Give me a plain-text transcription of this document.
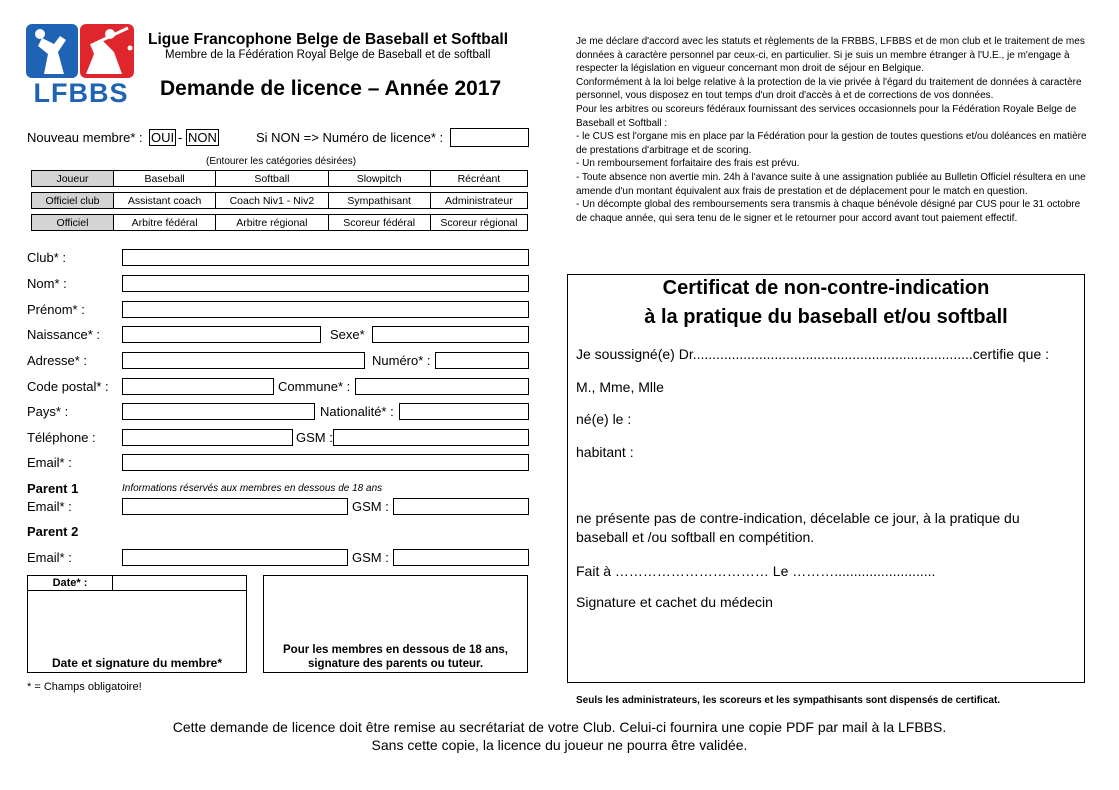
LFBBS
Ligue Francophone Belge de Baseball et Softball
Membre de la Fédération Royal Belge de Baseball et de softball
Demande de licence – Année 2017
Nouveau membre* : OUI - NON	Si NON => Numéro de licence* :
(Entourer les catégories désirées)
Joueur	Baseball	Softball	Slowpitch	Récréant
Officiel club	Assistant coach	Coach Niv1 - Niv2	Sympathisant	Administrateur
Officiel	Arbitre fédéral	Arbitre régional	Scoreur fédéral	Scoreur régional
Club* :
Nom* :
Prénom* :
Naissance* :	Sexe*
Adresse* :	Numéro* :
Code postal* :	Commune* :
Pays* :	Nationalité* :
Téléphone :	GSM :
Email* :
Parent 1	Informations réservés aux membres en dessous de 18 ans
Email* :	GSM :
Parent 2
Email* :	GSM :
Date* :
Date et signature du membre*
Pour les membres en dessous de 18 ans,
signature des parents ou tuteur.
* = Champs obligatoire!
Je me déclare d'accord avec les statuts et règlements de la FRBBS, LFBBS et de mon club et le traitement de mes données à caractère personnel par ceux-ci, en particulier. Si je suis un membre étranger à l'U.E., je m'engage à respecter la législation en vigueur concernant mon droit de séjour en Belgique.
Conformément à la loi belge relative à la protection de la vie privée à l'égard du traitement de données à caractère personnel, vous disposez en tout temps d'un droit d'accès à et de corrections de vos données.
Pour les arbitres ou scoreurs fédéraux fournissant des services occasionnels pour la Fédération Royale Belge de Baseball et Softball :
- le CUS est l'organe mis en place par la Fédération pour la gestion de toutes questions et/ou doléances en matière de prestations d'arbitrage et de scoring.
- Un remboursement forfaitaire des frais est prévu.
- Toute absence non avertie min. 24h à l'avance suite à une assignation publiée au Bulletin Officiel résultera en une amende d'un montant équivalent aux frais de prestation et de déplacement pour le match en question.
- Un décompte global des remboursements sera transmis à chaque bénévole désigné par CUS pour le 31 octobre de chaque année, qui sera tenu de le signer et le retourner pour accord avant tout paiement effectif.
Certificat de non-contre-indication
à la pratique du baseball et/ou softball
Je soussigné(e) Dr........................................................................certifie que :
M., Mme, Mlle
né(e) le :
habitant :
ne présente pas de contre-indication, décelable ce jour, à la pratique du
baseball et /ou softball en compétition.
Fait à …………………………… Le ………..........................
Signature et cachet du médecin
Seuls les administrateurs, les scoreurs et les sympathisants sont dispensés de certificat.
Cette demande de licence doit être remise au secrétariat de votre Club. Celui-ci fournira une copie PDF par mail à la LFBBS.
Sans cette copie, la licence du joueur ne pourra être validée.
